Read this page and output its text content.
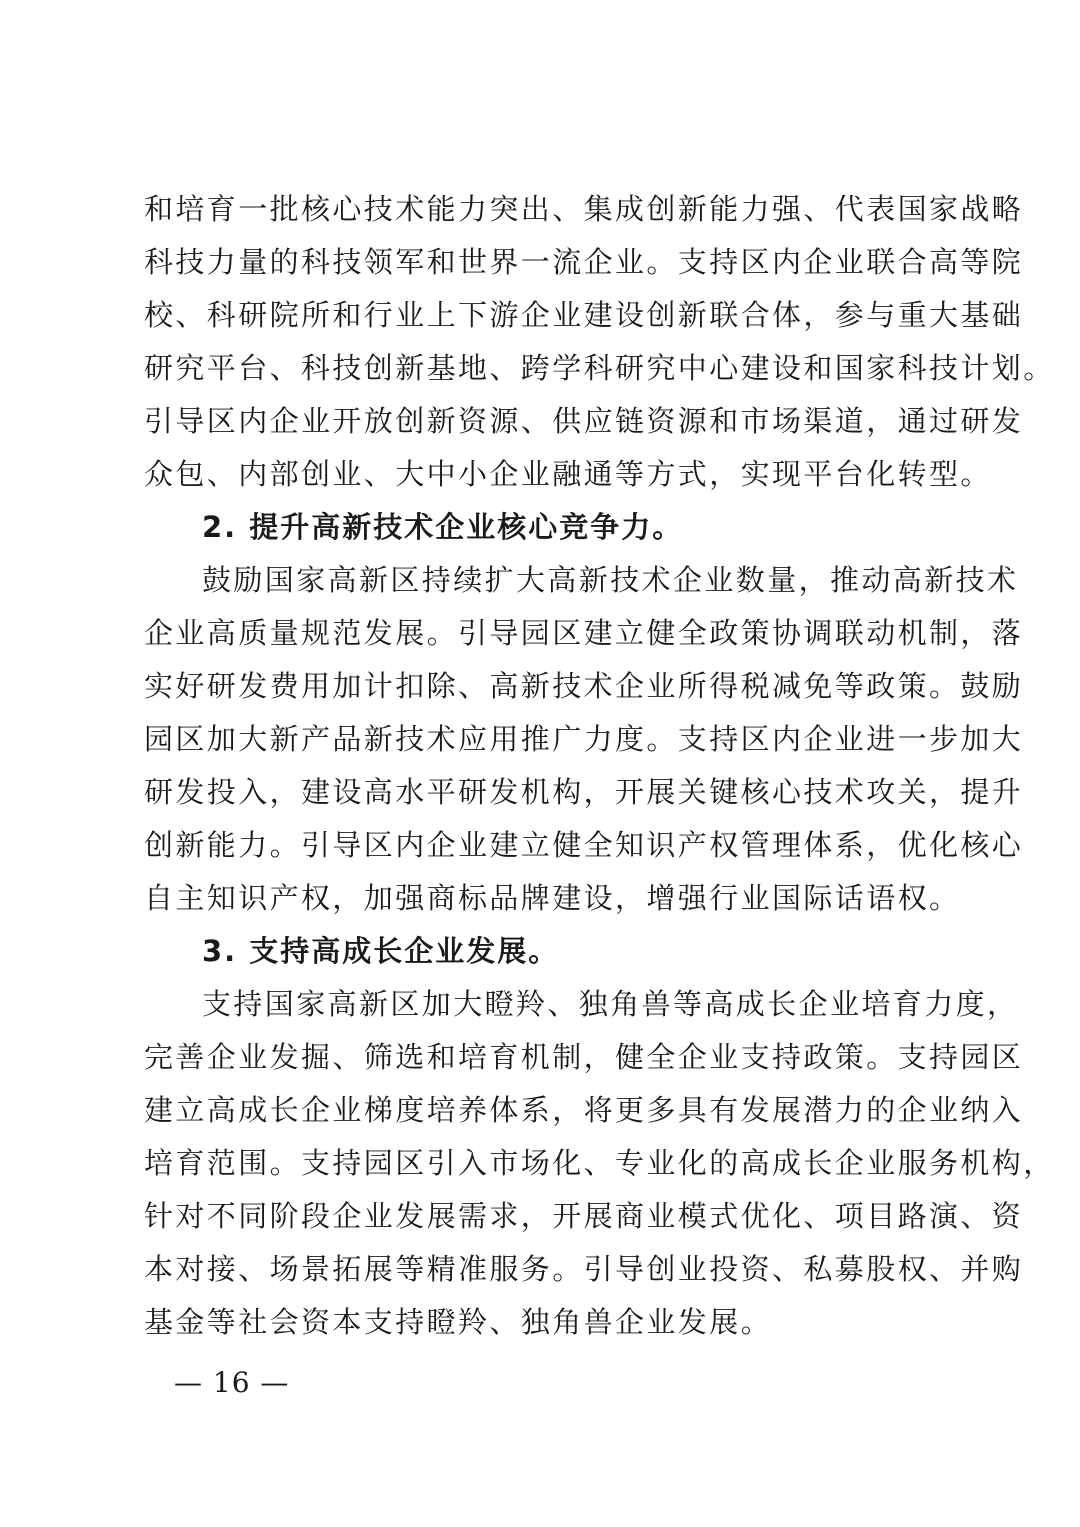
和培育一批核心技术能力突出、集成创新能力强、代表国家战略
科技力量的科技领军和世界一流企业。支持区内企业联合高等院
校、科研院所和行业上下游企业建设创新联合体，参与重大基础
研究平台、科技创新基地、跨学科研究中心建设和国家科技计划。
引导区内企业开放创新资源、供应链资源和市场渠道，通过研发
众包、内部创业、大中小企业融通等方式，实现平台化转型。
2. 提升高新技术企业核心竞争力。
鼓励国家高新区持续扩大高新技术企业数量，推动高新技术
企业高质量规范发展。引导园区建立健全政策协调联动机制，落
实好研发费用加计扣除、高新技术企业所得税减免等政策。鼓励
园区加大新产品新技术应用推广力度。支持区内企业进一步加大
研发投入，建设高水平研发机构，开展关键核心技术攻关，提升
创新能力。引导区内企业建立健全知识产权管理体系，优化核心
自主知识产权，加强商标品牌建设，增强行业国际话语权。
3. 支持高成长企业发展。
支持国家高新区加大瞪羚、独角兽等高成长企业培育力度，
完善企业发掘、筛选和培育机制，健全企业支持政策。支持园区
建立高成长企业梯度培养体系，将更多具有发展潜力的企业纳入
培育范围。支持园区引入市场化、专业化的高成长企业服务机构，
针对不同阶段企业发展需求，开展商业模式优化、项目路演、资
本对接、场景拓展等精准服务。引导创业投资、私募股权、并购
基金等社会资本支持瞪羚、独角兽企业发展。
— 16 —
